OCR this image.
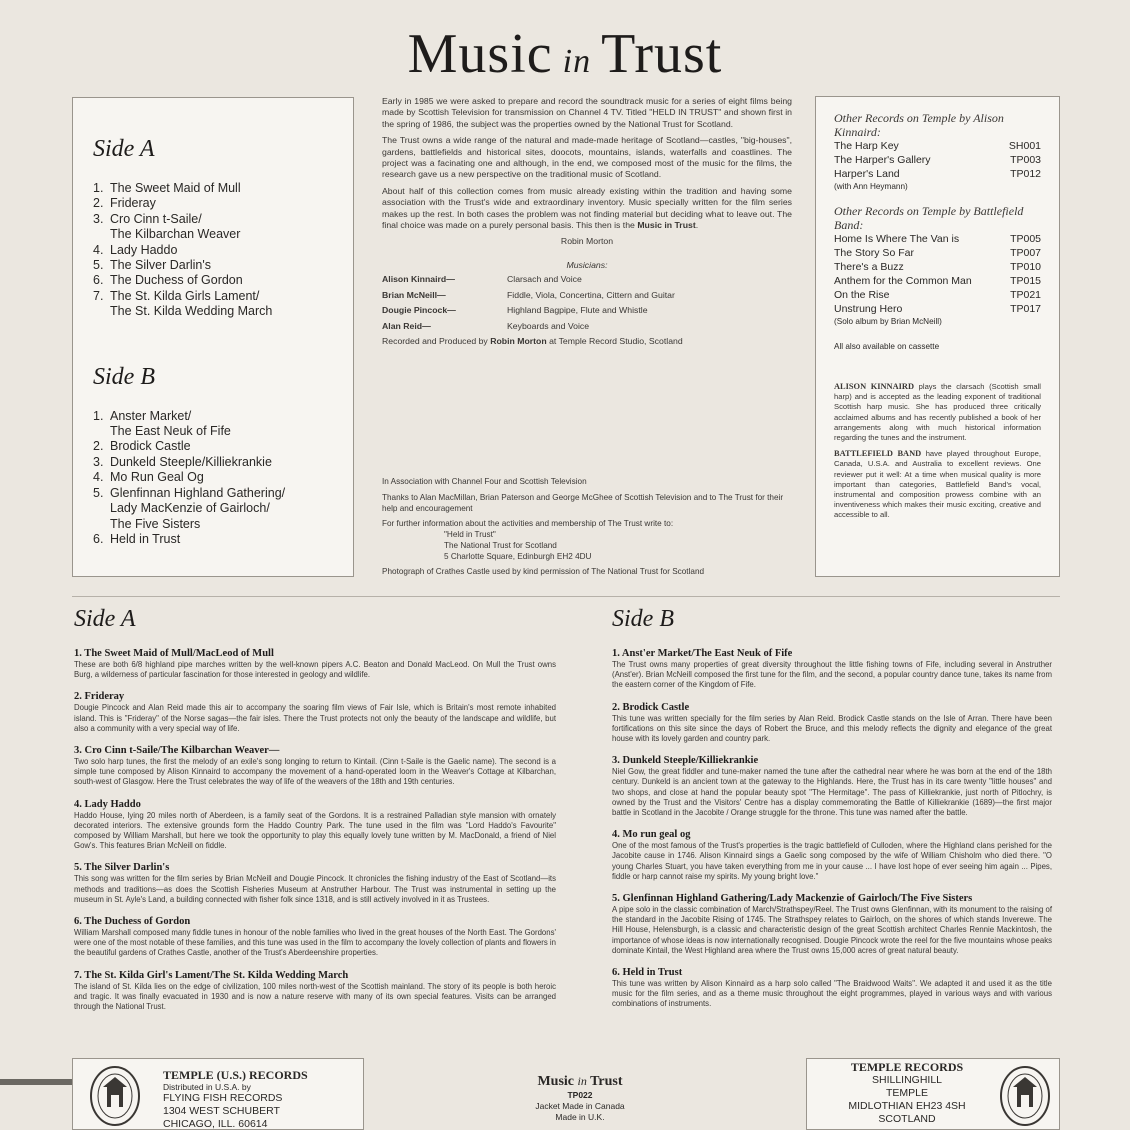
Music in Trust
Side A
1. The Sweet Maid of Mull
2. Frideray
3. Cro Cinn t-Saile/
The Kilbarchan Weaver
4. Lady Haddo
5. The Silver Darlin's
6. The Duchess of Gordon
7. The St. Kilda Girls Lament/
The St. Kilda Wedding March
Side B
1. Anster Market/
The East Neuk of Fife
2. Brodick Castle
3. Dunkeld Steeple/Killiekrankie
4. Mo Run Geal Og
5. Glenfinnan Highland Gathering/
Lady MacKenzie of Gairloch/
The Five Sisters
6. Held in Trust

Early in 1985 we were asked to prepare and record the soundtrack music for a series of eight films being made by Scottish Television for transmission on Channel 4 TV. Titled "HELD IN TRUST" and shown first in the spring of 1986, the subject was the properties owned by the National Trust for Scotland.

The Trust owns a wide range of the natural and made-made heritage of Scotland—castles, "big-houses", gardens, battlefields and historical sites, doocots, mountains, islands, waterfalls and coastlines. The project was a facinating one and although, in the end, we composed most of the music for the films, the research gave us a new perspective on the traditional music of Scotland.

About half of this collection comes from music already existing within the tradition and having some association with the Trust's wide and extraordinary inventory. Music specially written for the film series makes up the rest. In both cases the problem was not finding material but deciding what to leave out. The final choice was made on a purely personal basis. This then is the Music in Trust.

Robin Morton
Musicians:
Alison Kinnaird—	Clarsach and Voice
Brian McNeill—	Fiddle, Viola, Concertina, Cittern and Guitar
Dougie Pincock—	Highland Bagpipe, Flute and Whistle
Alan Reid—	Keyboards and Voice
Recorded and Produced by Robin Morton at Temple Record Studio, Scotland
In Association with Channel Four and Scottish Television
Thanks to Alan MacMillan, Brian Paterson and George McGhee of Scottish Television and to The Trust for their help and encouragement
For further information about the activities and membership of The Trust write to:
"Held in Trust"
The National Trust for Scotland
5 Charlotte Square, Edinburgh EH2 4DU
Photograph of Crathes Castle used by kind permission of The National Trust for Scotland
Other Records on Temple by Alison Kinnaird:
The Harp Key	SH001
The Harper's Gallery	TP003
Harper's Land	TP012
(with Ann Heymann)
Other Records on Temple by Battlefield Band:
Home Is Where The Van is	TP005
The Story So Far	TP007
There's a Buzz	TP010
Anthem for the Common Man	TP015
On the Rise	TP021
Unstrung Hero	TP017
(Solo album by Brian McNeill)
All also available on cassette
ALISON KINNAIRD plays the clarsach (Scottish small harp) and is accepted as the leading exponent of traditional Scottish harp music. She has produced three critically acclaimed albums and has recently published a book of her arrangements along with much historical information regarding the tunes and the instrument.
BATTLEFIELD BAND have played throughout Europe, Canada, U.S.A. and Australia to excellent reviews. One reviewer put it well: At a time when musical quality is more important than categories, Battlefield Band's vocal, instrumental and composition prowess combine with an inventiveness which makes their music exciting, creative and accessible to all.
Side A
1. The Sweet Maid of Mull/MacLeod of Mull
These are both 6/8 highland pipe marches written by the well-known pipers A.C. Beaton and Donald MacLeod. On Mull the Trust owns Burg, a wilderness of particular fascination for those interested in geology and wildlife.
2. Frideray
Dougie Pincock and Alan Reid made this air to accompany the soaring film views of Fair Isle, which is Britain's most remote inhabited island. This is "Frideray" of the Norse sagas—the fair isles. There the Trust protects not only the beauty of the landscape and wildlife, but also a community with a very special way of life.
3. Cro Cinn t-Saile/The Kilbarchan Weaver—
Two solo harp tunes, the first the melody of an exile's song longing to return to Kintail. (Cinn t-Saile is the Gaelic name). The second is a simple tune composed by Alison Kinnaird to accompany the movement of a hand-operated loom in the Weaver's Cottage at Kilbarchan, south-west of Glasgow. Here the Trust celebrates the way of life of the weavers of the 18th and 19th centuries.
4. Lady Haddo
Haddo House, lying 20 miles north of Aberdeen, is a family seat of the Gordons. It is a restrained Palladian style mansion with ornately decorated interiors. The extensive grounds form the Haddo Country Park. The tune used in the film was "Lord Haddo's Favourite" composed by William Marshall, but here we took the opportunity to play this equally lovely tune written by M. MacDonald, a friend of Niel Gow's. This features Brian McNeill on fiddle.
5. The Silver Darlin's
This song was written for the film series by Brian McNeill and Dougie Pincock. It chronicles the fishing industry of the East of Scotland—its methods and traditions—as does the Scottish Fisheries Museum at Anstruther Harbour. The Trust was instrumental in setting up the museum in St. Ayle's Land, a building connected with fisher folk since 1318, and is still actively involved in it as Trustees.
6. The Duchess of Gordon
William Marshall composed many fiddle tunes in honour of the noble families who lived in the great houses of the North East. The Gordons' were one of the most notable of these families, and this tune was used in the film to accompany the lovely collection of plants and flowers in the beautiful gardens of Crathes Castle, another of the Trust's Aberdeenshire properties.
7. The St. Kilda Girl's Lament/The St. Kilda Wedding March
The island of St. Kilda lies on the edge of civilization, 100 miles north-west of the Scottish mainland. The story of its people is both heroic and tragic. It was finally evacuated in 1930 and is now a nature reserve with many of its own special features. Visits can be arranged through the National Trust.
Side B
1. Anst'er Market/The East Neuk of Fife
The Trust owns many properties of great diversity throughout the little fishing towns of Fife, including several in Anstruther (Anst'er). Brian McNeill composed the first tune for the film, and the second, a popular country dance tune, takes its name from the eastern corner of the Kingdom of Fife.
2. Brodick Castle
This tune was written specially for the film series by Alan Reid. Brodick Castle stands on the Isle of Arran. There have been fortifications on this site since the days of Robert the Bruce, and this melody reflects the dignity and elegance of the great house with its lovely garden and country park.
3. Dunkeld Steeple/Killiekrankie
Niel Gow, the great fiddler and tune-maker named the tune after the cathedral near where he was born at the end of the 18th century. Dunkeld is an ancient town at the gateway to the Highlands. Here, the Trust has in its care twenty "little houses" and two shops, and close at hand the popular beauty spot "The Hermitage". The pass of Killiekrankie, just north of Pitlochry, is owned by the Trust and the Visitors' Centre has a display commemorating the Battle of Killiekrankie (1689)—the first major battle in Scotland in the Jacobite / Orange struggle for the throne. This tune was named after the battle.
4. Mo run geal og
One of the most famous of the Trust's properties is the tragic battlefield of Culloden, where the Highland clans perished for the Jacobite cause in 1746. Alison Kinnaird sings a Gaelic song composed by the wife of William Chisholm who died there. "O young Charles Stuart, you have taken everything from me in your cause ... I have lost hope of ever seeing him again ... Pipes, fiddle or harp cannot raise my spirits. My young bright love."
5. Glenfinnan Highland Gathering/Lady Mackenzie of Gairloch/The Five Sisters
A pipe solo in the classic combination of March/Strathspey/Reel. The Trust owns Glenfinnan, with its monument to the raising of the standard in the Jacobite Rising of 1745. The Strathspey relates to Gairloch, on the shores of which stands Inverewe. The Hill House, Helensburgh, is a classic and characteristic design of the great Scottish architect Charles Rennie Mackintosh, the importance of whose ideas is now internationally recognised. Dougie Pincock wrote the reel for the five mountains whose peaks dominate Kintail, the West Highland area where the Trust owns 15,000 acres of great natural beauty.
6. Held in Trust
This tune was written by Alison Kinnaird as a harp solo called "The Braidwood Waits". We adapted it and used it as the title music for the film series, and as a theme music throughout the eight programmes, played in various ways and with various combinations of instruments.
TEMPLE (U.S.) RECORDS
Distributed in U.S.A. by
FLYING FISH RECORDS
1304 WEST SCHUBERT
CHICAGO, ILL. 60614
Music in Trust
TP022
Jacket Made in Canada
Made in U.K.
TEMPLE RECORDS
SHILLINGHILL
TEMPLE
MIDLOTHIAN EH23 4SH
SCOTLAND
